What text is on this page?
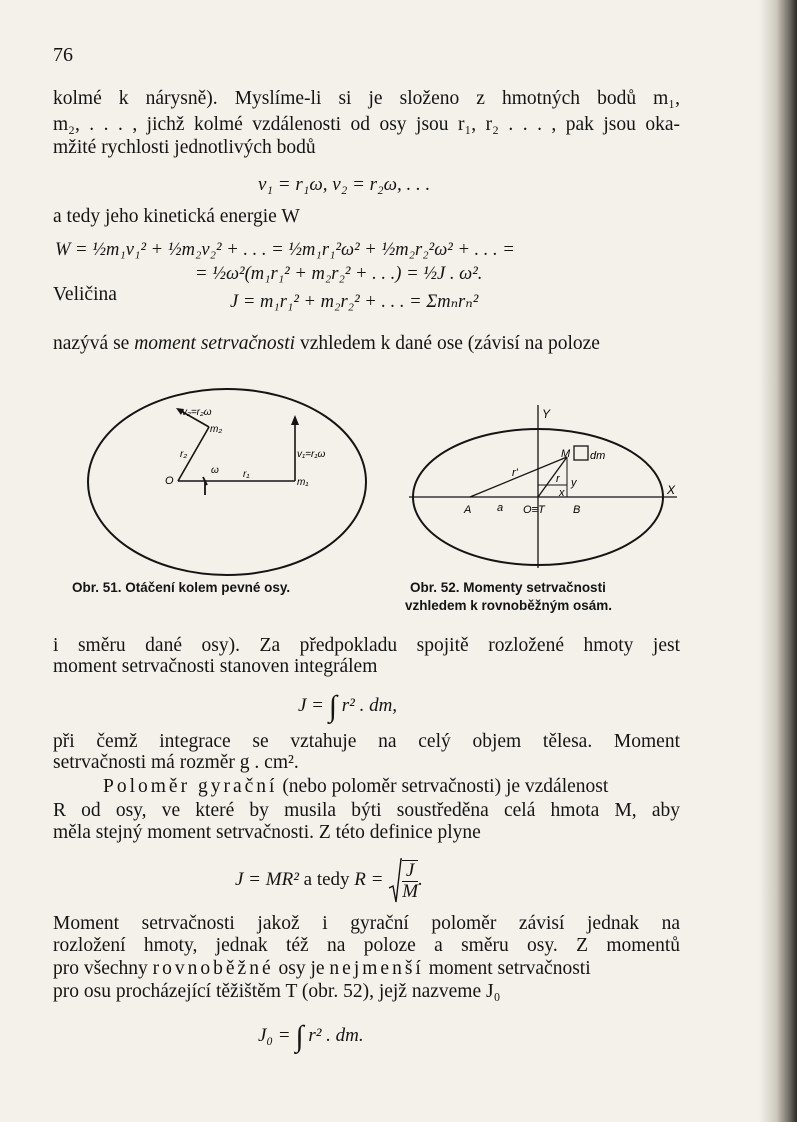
76
kolmé k nárysně). Myslíme-li si je složeno z hmotných bodů m₁,
m₂, . . . , jichž kolmé vzdálenosti od osy jsou r₁, r₂ . . . , pak jsou oka-
mžité rychlosti jednotlivých bodů
v₁ = r₁ω, v₂ = r₂ω, . . .
a tedy jeho kinetická energie W
W = ½m₁v₁² + ½m₂v₂² + . . . = ½m₁r₁²ω² + ½m₂r₂²ω² + . . . =
= ½ω²(m₁r₁² + m₂r₂² + . . .) = ½J . ω².
Veličina	J = m₁r₁² + m₂r₂² + . . . = Σmₙrₙ²
nazývá se moment setrvačnosti vzhledem k dané ose (závisí na poloze
v₂=r₂ω
m₂
r₂	v₁=r₁ω
O
ω r₁
m₁
Obr. 51. Otáčení kolem pevné osy.
Y
X
M dm
r'	r y
x
A a O≡T	B
Obr. 52. Momenty setrvačnosti
vzhledem k rovnoběžným osám.
i směru dané osy). Za předpokladu spojitě rozložené hmoty jest
moment setrvačnosti stanoven integrálem
J = ∫ r² . dm,
při čemž integrace se vztahuje na celý objem tělesa. Moment
setrvačnosti má rozměr g . cm².
Poloměr gyrační (nebo poloměr setrvačnosti) je vzdálenost
R od osy, ve které by musila býti soustředěna celá hmota M, aby
měla stejný moment setrvačnosti. Z této definice plyne
J = MR² a tedy $R = \frac{J}{M}$ .
Moment setrvačnosti jakož i gyrační poloměr závisí jednak na
rozložení hmoty, jednak též na poloze a směru osy. Z momentů
pro všechny rovnoběžné osy je nejmenší moment setrvačnosti
pro osu procházející těžištěm T (obr. 52), jejž nazveme J₀
J₀ = ∫ r² . dm.
